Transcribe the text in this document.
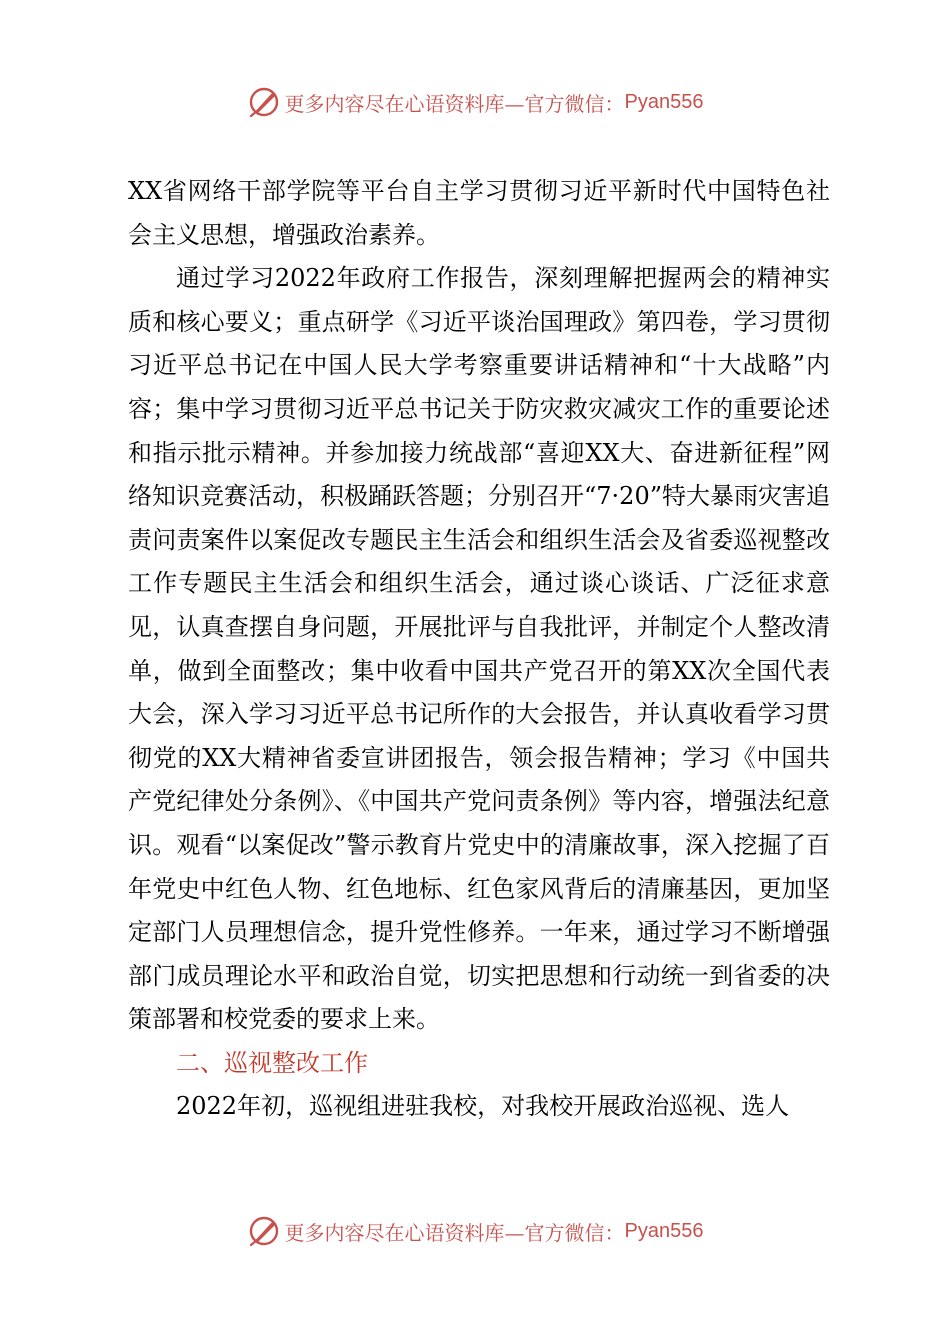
更多内容尽在心语资料库—官方微信： Pyan556

XX省网络干部学院等平台自主学习贯彻习近平新时代中国特色社会主义思想，增强政治素养。

通过学习2022年政府工作报告，深刻理解把握两会的精神实质和核心要义；重点研学《习近平谈治国理政》第四卷，学习贯彻习近平总书记在中国人民大学考察重要讲话精神和“十大战略”内容；集中学习贯彻习近平总书记关于防灾救灾减灾工作的重要论述和指示批示精神。并参加接力统战部“喜迎XX大、奋进新征程”网络知识竞赛活动，积极踊跃答题；分别召开“7·20”特大暴雨灾害追责问责案件以案促改专题民主生活会和组织生活会及省委巡视整改工作专题民主生活会和组织生活会，通过谈心谈话、广泛征求意见，认真查摆自身问题，开展批评与自我批评，并制定个人整改清单，做到全面整改；集中收看中国共产党召开的第XX次全国代表大会，深入学习习近平总书记所作的大会报告，并认真收看学习贯彻党的XX大精神省委宣讲团报告，领会报告精神；学习《中国共产党纪律处分条例》、《中国共产党问责条例》等内容，增强法纪意识。观看“以案促改”警示教育片党史中的清廉故事，深入挖掘了百年党史中红色人物、红色地标、红色家风背后的清廉基因，更加坚定部门人员理想信念，提升党性修养。一年来，通过学习不断增强部门成员理论水平和政治自觉，切实把思想和行动统一到省委的决策部署和校党委的要求上来。

二、巡视整改工作

2022年初，巡视组进驻我校，对我校开展政治巡视、选人

更多内容尽在心语资料库—官方微信： Pyan556
